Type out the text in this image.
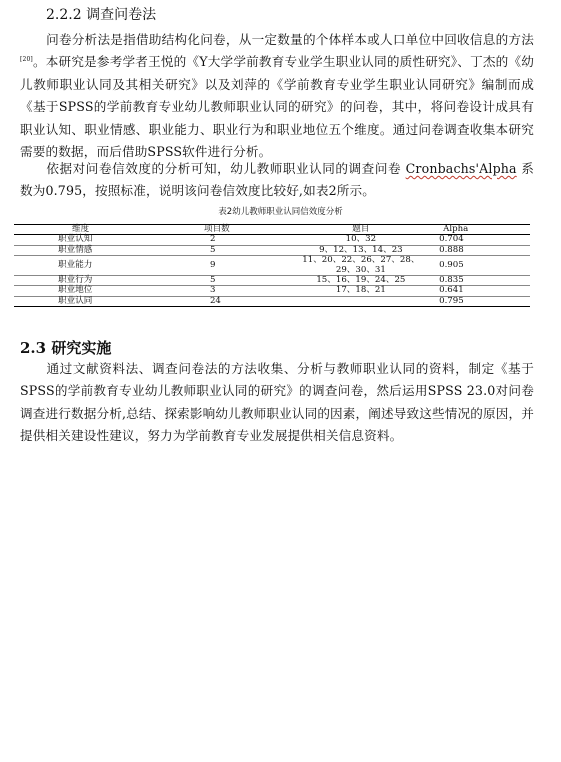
2.2.2 调查问卷法

问卷分析法是指借助结构化问卷，从一定数量的个体样本或人口单位中回收信息的方法[20]。本研究是参考学者王悦的《Y大学学前教育专业学生职业认同的质性研究》、丁杰的《幼儿教师职业认同及其相关研究》以及刘萍的《学前教育专业学生职业认同研究》编制而成《基于SPSS的学前教育专业幼儿教师职业认同的研究》的问卷，其中，将问卷设计成具有职业认知、职业情感、职业能力、职业行为和职业地位五个维度。通过问卷调查收集本研究需要的数据，而后借助SPSS软件进行分析。

依据对问卷信效度的分析可知，幼儿教师职业认同的调查问卷 Cronbachs'Alpha 系数为0.795，按照标准，说明该问卷信效度比较好,如表2所示。

表2幼儿教师职业认同信效度分析
维度	项目数	题目	Alpha
职业认知	2	10、32	0.704
职业情感	5	9、12、13、14、23	0.888
职业能力	9	11、20、22、26、27、28、
29、30、31	0.905
职业行为	5	15、16、19、24、25	0.835
职业地位	3	17、18、21	0.641
职业认同	24		0.795
2.3 研究实施

通过文献资料法、调查问卷法的方法收集、分析与教师职业认同的资料，制定《基于SPSS的学前教育专业幼儿教师职业认同的研究》的调查问卷，然后运用SPSS 23.0对问卷调查进行数据分析,总结、探索影响幼儿教师职业认同的因素，阐述导致这些情况的原因，并提供相关建设性建议，努力为学前教育专业发展提供相关信息资料。
